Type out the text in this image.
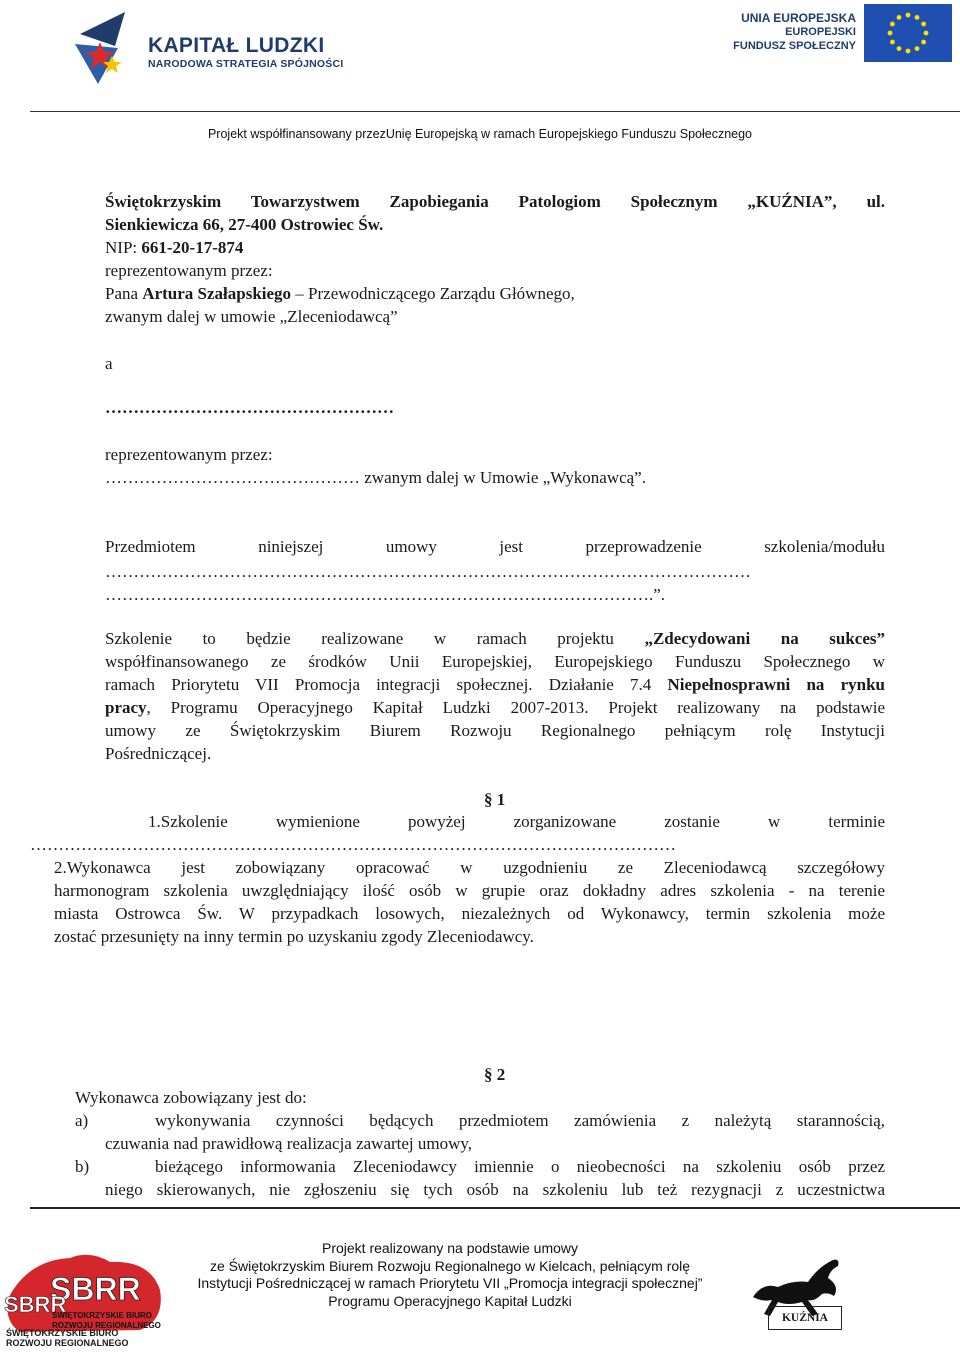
KAPITAŁ LUDZKI
NARODOWA STRATEGIA SPÓJNOŚCI
UNIA EUROPEJSKA
EUROPEJSKI
FUNDUSZ SPOŁECZNY
Projekt współfinansowany przezUnię Europejską w ramach Europejskiego Funduszu Społecznego
Świętokrzyskim Towarzystwem Zapobiegania Patologiom Społecznym „KUŹNIA”, ul.
Sienkiewicza 66, 27-400 Ostrowiec Św.
NIP: 661-20-17-874
reprezentowanym przez:
Pana Artura Szałapskiego – Przewodniczącego Zarządu Głównego,
zwanym dalej w umowie „Zleceniodawcą”
a
……………………………………………
reprezentowanym przez:
……………………………………… zwanym dalej w Umowie „Wykonawcą”.
Przedmiotem	niniejszej	umowy	jest	przeprowadzenie	szkolenia/modułu
……………………………………………………………………………………………………
…………………………………………………………………………………….”.
Szkolenie to będzie realizowane w ramach projektu „Zdecydowani na sukces”
współfinansowanego ze środków Unii Europejskiej, Europejskiego Funduszu Społecznego w
ramach Priorytetu VII Promocja integracji społecznej. Działanie 7.4 Niepełnosprawni na rynku
pracy, Programu Operacyjnego Kapitał Ludzki 2007-2013. Projekt realizowany na podstawie
umowy ze Świętokrzyskim Biurem Rozwoju Regionalnego pełniącym rolę Instytucji
Pośredniczącej.
§ 1
1.Szkolenie wymienione powyżej zorganizowane zostanie w terminie
……………………………………………………………………………………………………
2.Wykonawca jest zobowiązany opracować w uzgodnieniu ze Zleceniodawcą szczegółowy
harmonogram szkolenia uwzględniający ilość osób w grupie oraz dokładny adres szkolenia - na terenie
miasta Ostrowca Św. W przypadkach losowych, niezależnych od Wykonawcy, termin szkolenia może
zostać przesunięty na inny termin po uzyskaniu zgody Zleceniodawcy.
§ 2
Wykonawca zobowiązany jest do:
a)	wykonywania czynności będących przedmiotem zamówienia z należytą starannością,
czuwania nad prawidłową realizacja zawartej umowy,
b)	bieżącego informowania Zleceniodawcy imiennie o nieobecności na szkoleniu osób przez
niego skierowanych, nie zgłoszeniu się tych osób na szkoleniu lub też rezygnacji z uczestnictwa
Projekt realizowany na podstawie umowy
ze Świętokrzyskim Biurem Rozwoju Regionalnego w Kielcach, pełniącym rolę
Instytucji Pośredniczącej w ramach Priorytetu VII „Promocja integracji społecznej”
Programu Operacyjnego Kapitał Ludzki
SBRR
SBRR
ŚWIĘTOKRZYSKIE BIURO
ROZWOJU REGIONALNEGO
ŚWIĘTOKRZYSKIE BIURO
ROZWOJU REGIONALNEGO
KUŹNIA
